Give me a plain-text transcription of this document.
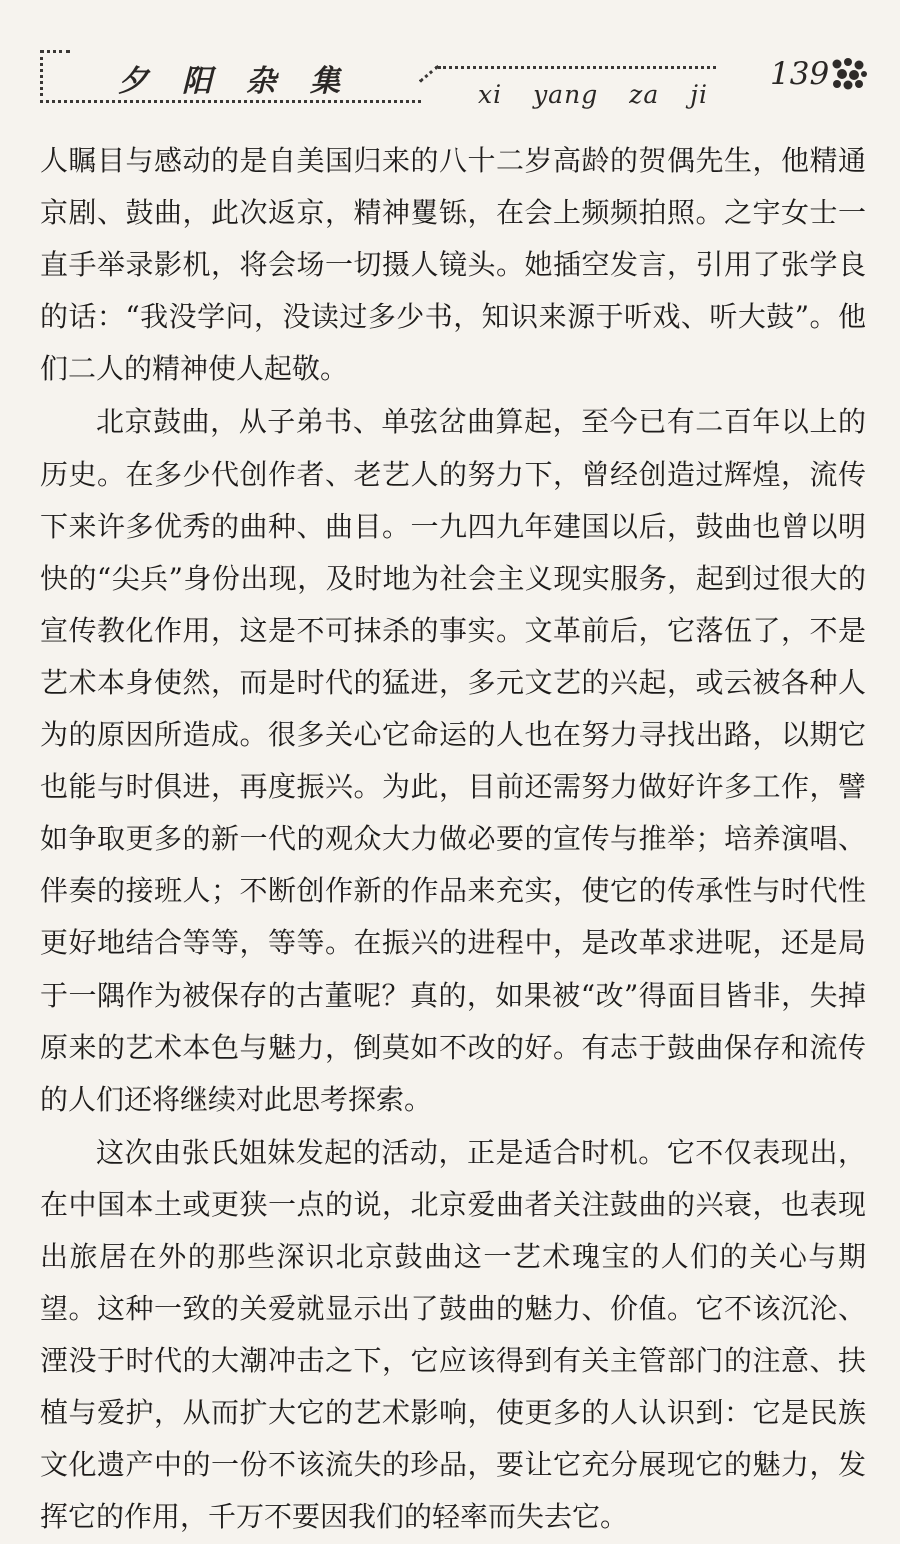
夕阳杂集	xi yang za ji
139

人瞩目与感动的是自美国归来的八十二岁高龄的贺偶先生，他精通京剧、鼓曲，此次返京，精神矍铄，在会上频频拍照。之宇女士一直手举录影机，将会场一切摄人镜头。她插空发言，引用了张学良的话：“我没学问，没读过多少书，知识来源于听戏、听大鼓”。他们二人的精神使人起敬。

北京鼓曲，从子弟书、单弦岔曲算起，至今已有二百年以上的历史。在多少代创作者、老艺人的努力下，曾经创造过辉煌，流传下来许多优秀的曲种、曲目。一九四九年建国以后，鼓曲也曾以明快的“尖兵”身份出现，及时地为社会主义现实服务，起到过很大的宣传教化作用，这是不可抹杀的事实。文革前后，它落伍了，不是艺术本身使然，而是时代的猛进，多元文艺的兴起，或云被各种人为的原因所造成。很多关心它命运的人也在努力寻找出路，以期它也能与时俱进，再度振兴。为此，目前还需努力做好许多工作，譬如争取更多的新一代的观众大力做必要的宣传与推举；培养演唱、伴奏的接班人；不断创作新的作品来充实，使它的传承性与时代性更好地结合等等，等等。在振兴的进程中，是改革求进呢，还是局于一隅作为被保存的古董呢？真的，如果被“改”得面目皆非，失掉原来的艺术本色与魅力，倒莫如不改的好。有志于鼓曲保存和流传的人们还将继续对此思考探索。

这次由张氏姐妹发起的活动，正是适合时机。它不仅表现出，在中国本土或更狭一点的说，北京爱曲者关注鼓曲的兴衰，也表现出旅居在外的那些深识北京鼓曲这一艺术瑰宝的人们的关心与期望。这种一致的关爱就显示出了鼓曲的魅力、价值。它不该沉沦、湮没于时代的大潮冲击之下，它应该得到有关主管部门的注意、扶植与爱护，从而扩大它的艺术影响，使更多的人认识到：它是民族文化遗产中的一份不该流失的珍品，要让它充分展现它的魅力，发挥它的作用，千万不要因我们的轻率而失去它。
